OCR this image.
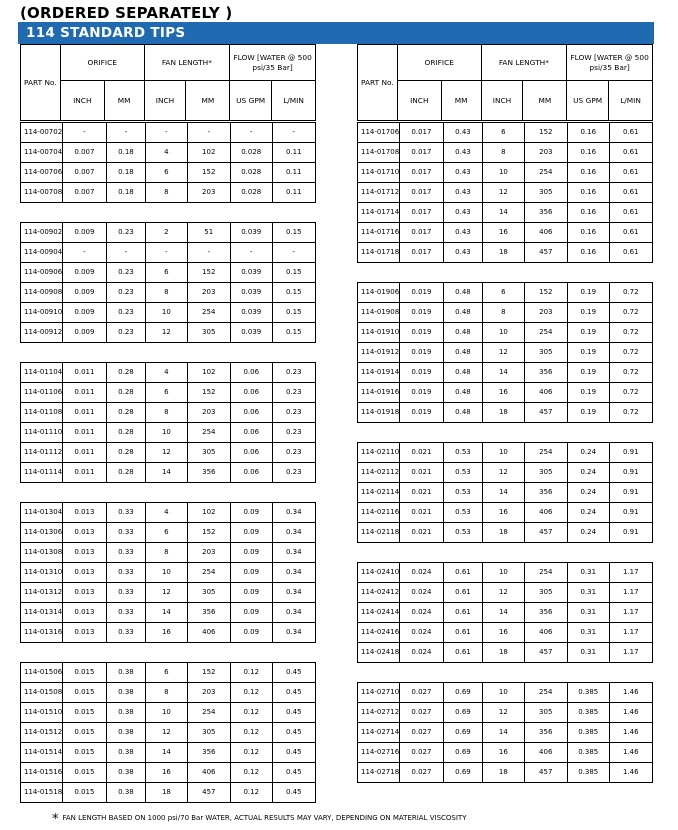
(ORDERED SEPARATELY )
114 STANDARD TIPS
PART No.	ORIFICE		FAN LENGTH*		FLOW [WATER @ 500 psi/35 Bar]	
	INCH	MM	INCH	MM	US GPM	L/MIN
PART No.	ORIFICE		FAN LENGTH*		FLOW [WATER @ 500 psi/35 Bar]	
	INCH	MM	INCH	MM	US GPM	L/MIN
114-00702	-	-	-	-	-	-
114-00704	0.007	0.18	4	102	0.028	0.11
114-00706	0.007	0.18	6	152	0.028	0.11
114-00708	0.007	0.18	8	203	0.028	0.11
114-00902	0.009	0.23	2	51	0.039	0.15
114-00904	-	-	-	-	-	-
114-00906	0.009	0.23	6	152	0.039	0.15
114-00908	0.009	0.23	8	203	0.039	0.15
114-00910	0.009	0.23	10	254	0.039	0.15
114-00912	0.009	0.23	12	305	0.039	0.15
114-01104	0.011	0.28	4	102	0.06	0.23
114-01106	0.011	0.28	6	152	0.06	0.23
114-01108	0.011	0.28	8	203	0.06	0.23
114-01110	0.011	0.28	10	254	0.06	0.23
114-01112	0.011	0.28	12	305	0.06	0.23
114-01114	0.011	0.28	14	356	0.06	0.23
114-01304	0.013	0.33	4	102	0.09	0.34
114-01306	0.013	0.33	6	152	0.09	0.34
114-01308	0.013	0.33	8	203	0.09	0.34
114-01310	0.013	0.33	10	254	0.09	0.34
114-01312	0.013	0.33	12	305	0.09	0.34
114-01314	0.013	0.33	14	356	0.09	0.34
114-01316	0.013	0.33	16	406	0.09	0.34
114-01506	0.015	0.38	6	152	0.12	0.45
114-01508	0.015	0.38	8	203	0.12	0.45
114-01510	0.015	0.38	10	254	0.12	0.45
114-01512	0.015	0.38	12	305	0.12	0.45
114-01514	0.015	0.38	14	356	0.12	0.45
114-01516	0.015	0.38	16	406	0.12	0.45
114-01518	0.015	0.38	18	457	0.12	0.45
114-01706	0.017	0.43	6	152	0.16	0.61
114-01708	0.017	0.43	8	203	0.16	0.61
114-01710	0.017	0.43	10	254	0.16	0.61
114-01712	0.017	0.43	12	305	0.16	0.61
114-01714	0.017	0.43	14	356	0.16	0.61
114-01716	0.017	0.43	16	406	0.16	0.61
114-01718	0.017	0.43	18	457	0.16	0.61
114-01906	0.019	0.48	6	152	0.19	0.72
114-01908	0.019	0.48	8	203	0.19	0.72
114-01910	0.019	0.48	10	254	0.19	0.72
114-01912	0.019	0.48	12	305	0.19	0.72
114-01914	0.019	0.48	14	356	0.19	0.72
114-01916	0.019	0.48	16	406	0.19	0.72
114-01918	0.019	0.48	18	457	0.19	0.72
114-02110	0.021	0.53	10	254	0.24	0.91
114-02112	0.021	0.53	12	305	0.24	0.91
114-02114	0.021	0.53	14	356	0.24	0.91
114-02116	0.021	0.53	16	406	0.24	0.91
114-02118	0.021	0.53	18	457	0.24	0.91
114-02410	0.024	0.61	10	254	0.31	1.17
114-02412	0.024	0.61	12	305	0.31	1.17
114-02414	0.024	0.61	14	356	0.31	1.17
114-02416	0.024	0.61	16	406	0.31	1.17
114-02418	0.024	0.61	18	457	0.31	1.17
114-02710	0.027	0.69	10	254	0.385	1.46
114-02712	0.027	0.69	12	305	0.385	1.46
114-02714	0.027	0.69	14	356	0.385	1.46
114-02716	0.027	0.69	16	406	0.385	1.46
114-02718	0.027	0.69	18	457	0.385	1.46
* FAN LENGTH BASED ON 1000 psi/70 Bar WATER, ACTUAL RESULTS MAY VARY, DEPENDING ON MATERIAL VISCOSITY
